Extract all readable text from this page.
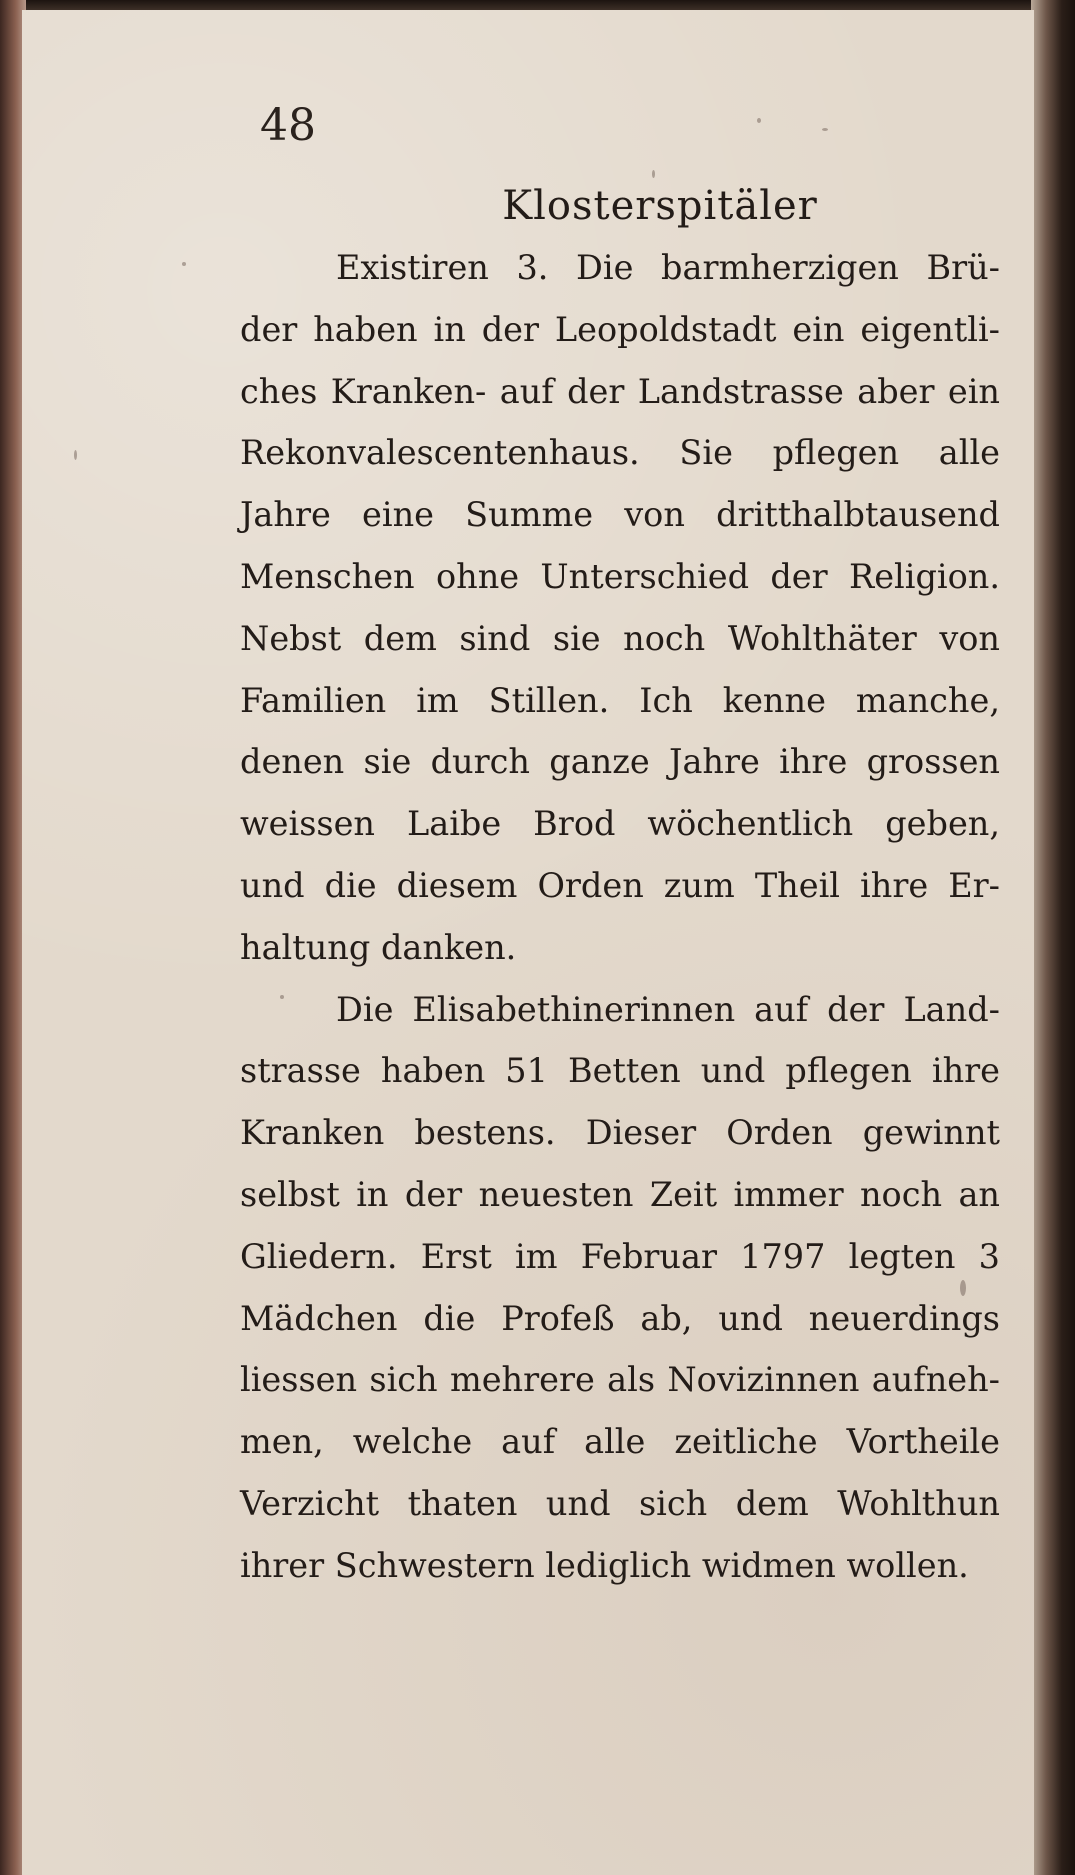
48
Klosterspitäler
Existiren 3. Die barmherzigen Brü-
der haben in der Leopoldstadt ein eigentli-
ches Kranken- auf der Landstrasse aber ein
Rekonvalescentenhaus. Sie pflegen alle
Jahre eine Summe von dritthalbtausend
Menschen ohne Unterschied der Religion.
Nebst dem sind sie noch Wohlthäter von
Familien im Stillen. Ich kenne manche,
denen sie durch ganze Jahre ihre grossen
weissen Laibe Brod wöchentlich geben,
und die diesem Orden zum Theil ihre Er-
haltung danken.
Die Elisabethinerinnen auf der Land-
strasse haben 51 Betten und pflegen ihre
Kranken bestens. Dieser Orden gewinnt
selbst in der neuesten Zeit immer noch an
Gliedern. Erst im Februar 1797 legten 3
Mädchen die Profeß ab, und neuerdings
liessen sich mehrere als Novizinnen aufneh-
men, welche auf alle zeitliche Vortheile
Verzicht thaten und sich dem Wohlthun
ihrer Schwestern lediglich widmen wollen.
